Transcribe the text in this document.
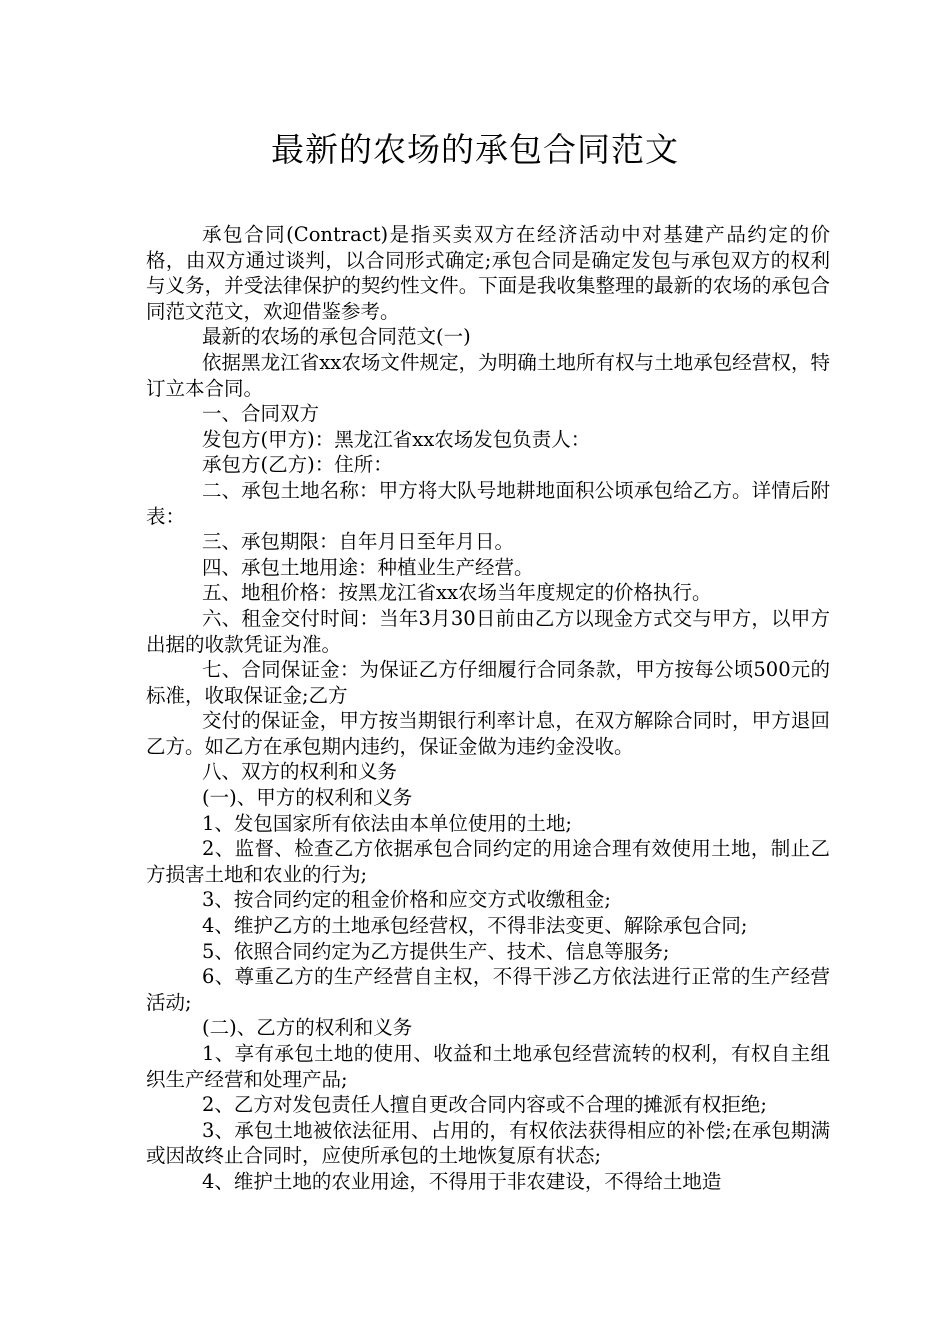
最新的农场的承包合同范文

承包合同(Contract)是指买卖双方在经济活动中对基建产品约定的价格，由双方通过谈判，以合同形式确定;承包合同是确定发包与承包双方的权利与义务，并受法律保护的契约性文件。下面是我收集整理的最新的农场的承包合同范文范文，欢迎借鉴参考。

最新的农场的承包合同范文(一)

依据黑龙江省xx农场文件规定，为明确土地所有权与土地承包经营权，特订立本合同。

一、合同双方

发包方(甲方)：黑龙江省xx农场发包负责人：

承包方(乙方)：住所：

二、承包土地名称：甲方将大队号地耕地面积公顷承包给乙方。详情后附表：

三、承包期限：自年月日至年月日。

四、承包土地用途：种植业生产经营。

五、地租价格：按黑龙江省xx农场当年度规定的价格执行。

六、租金交付时间：当年3月30日前由乙方以现金方式交与甲方，以甲方出据的收款凭证为准。

七、合同保证金：为保证乙方仔细履行合同条款，甲方按每公顷500元的标准，收取保证金;乙方

交付的保证金，甲方按当期银行利率计息，在双方解除合同时，甲方退回乙方。如乙方在承包期内违约，保证金做为违约金没收。

八、双方的权利和义务

(一)、甲方的权利和义务

1、发包国家所有依法由本单位使用的土地;

2、监督、检查乙方依据承包合同约定的用途合理有效使用土地，制止乙方损害土地和农业的行为;

3、按合同约定的租金价格和应交方式收缴租金;

4、维护乙方的土地承包经营权，不得非法变更、解除承包合同;

5、依照合同约定为乙方提供生产、技术、信息等服务;

6、尊重乙方的生产经营自主权，不得干涉乙方依法进行正常的生产经营活动;

(二)、乙方的权利和义务

1、享有承包土地的使用、收益和土地承包经营流转的权利，有权自主组织生产经营和处理产品;

2、乙方对发包责任人擅自更改合同内容或不合理的摊派有权拒绝;

3、承包土地被依法征用、占用的，有权依法获得相应的补偿;在承包期满或因故终止合同时，应使所承包的土地恢复原有状态;

4、维护土地的农业用途，不得用于非农建设，不得给土地造
